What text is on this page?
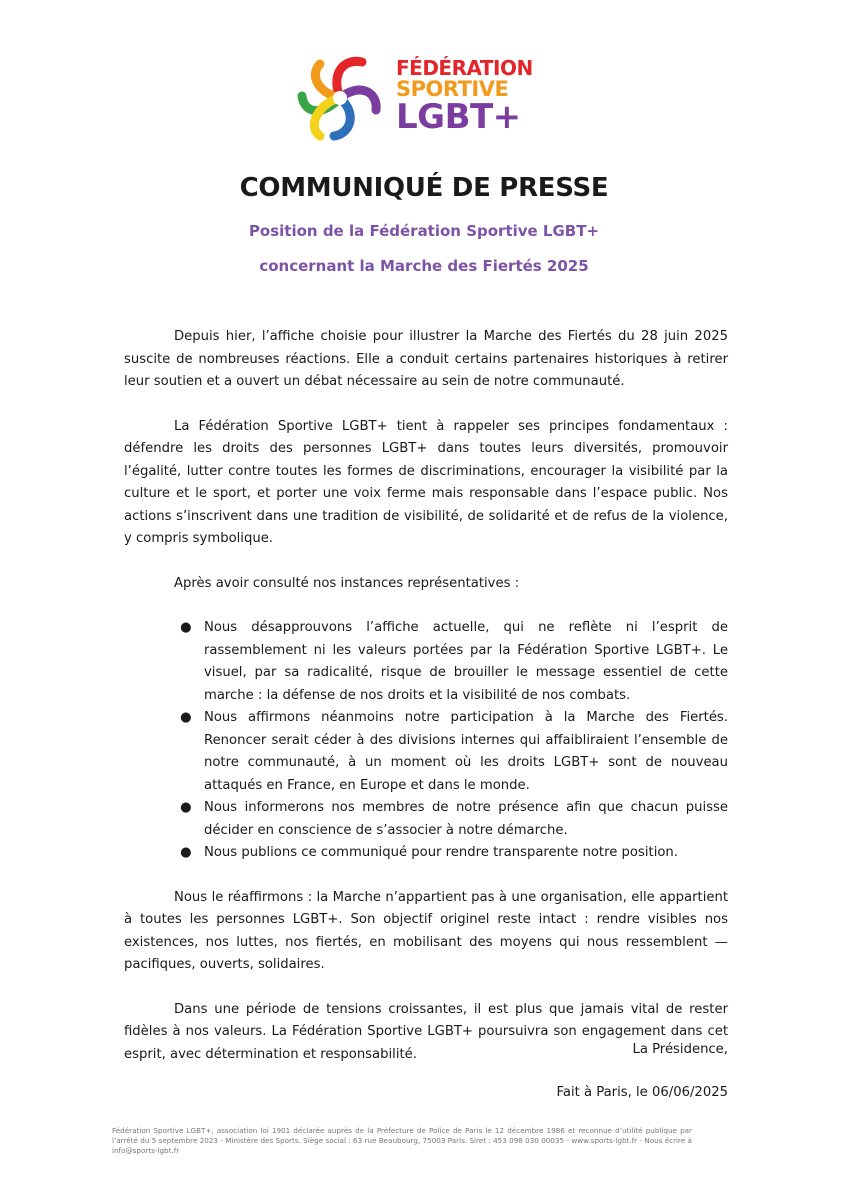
FÉDÉRATION
SPORTIVE
LGBT+
COMMUNIQUÉ DE PRESSE
Position de la Fédération Sportive LGBT+
concernant la Marche des Fiertés 2025

Depuis hier, l’affiche choisie pour illustrer la Marche des Fiertés du 28 juin 2025 suscite de nombreuses réactions. Elle a conduit certains partenaires historiques à retirer leur soutien et a ouvert un débat nécessaire au sein de notre communauté.

La Fédération Sportive LGBT+ tient à rappeler ses principes fondamentaux : défendre les droits des personnes LGBT+ dans toutes leurs diversités, promouvoir l’égalité, lutter contre toutes les formes de discriminations, encourager la visibilité par la culture et le sport, et porter une voix ferme mais responsable dans l’espace public. Nos actions s’inscrivent dans une tradition de visibilité, de solidarité et de refus de la violence, y compris symbolique.

Après avoir consulté nos instances représentatives :

● Nous désapprouvons l’affiche actuelle, qui ne reflète ni l’esprit de rassemblement ni les valeurs portées par la Fédération Sportive LGBT+. Le visuel, par sa radicalité, risque de brouiller le message essentiel de cette marche : la défense de nos droits et la visibilité de nos combats.
● Nous affirmons néanmoins notre participation à la Marche des Fiertés. Renoncer serait céder à des divisions internes qui affaibliraient l’ensemble de notre communauté, à un moment où les droits LGBT+ sont de nouveau attaqués en France, en Europe et dans le monde.
● Nous informerons nos membres de notre présence afin que chacun puisse décider en conscience de s’associer à notre démarche.
● Nous publions ce communiqué pour rendre transparente notre position.

Nous le réaffirmons : la Marche n’appartient pas à une organisation, elle appartient à toutes les personnes LGBT+. Son objectif originel reste intact : rendre visibles nos existences, nos luttes, nos fiertés, en mobilisant des moyens qui nous ressemblent — pacifiques, ouverts, solidaires.

Dans une période de tensions croissantes, il est plus que jamais vital de rester fidèles à nos valeurs. La Fédération Sportive LGBT+ poursuivra son engagement dans cet esprit, avec détermination et responsabilité.	La Présidence,
Fait à Paris, le 06/06/2025
Fédération Sportive LGBT+, association loi 1901 déclarée auprès de la Préfecture de Police de Paris le 12 décembre 1986 et reconnue d’utilité publique par l’arrêté du 5 septembre 2023 - Ministère des Sports. Siège social : 63 rue Beaubourg, 75003 Paris. Siret : 453 098 030 00035 - www.sports-lgbt.fr - Nous écrire à info@sports-lgbt.fr
